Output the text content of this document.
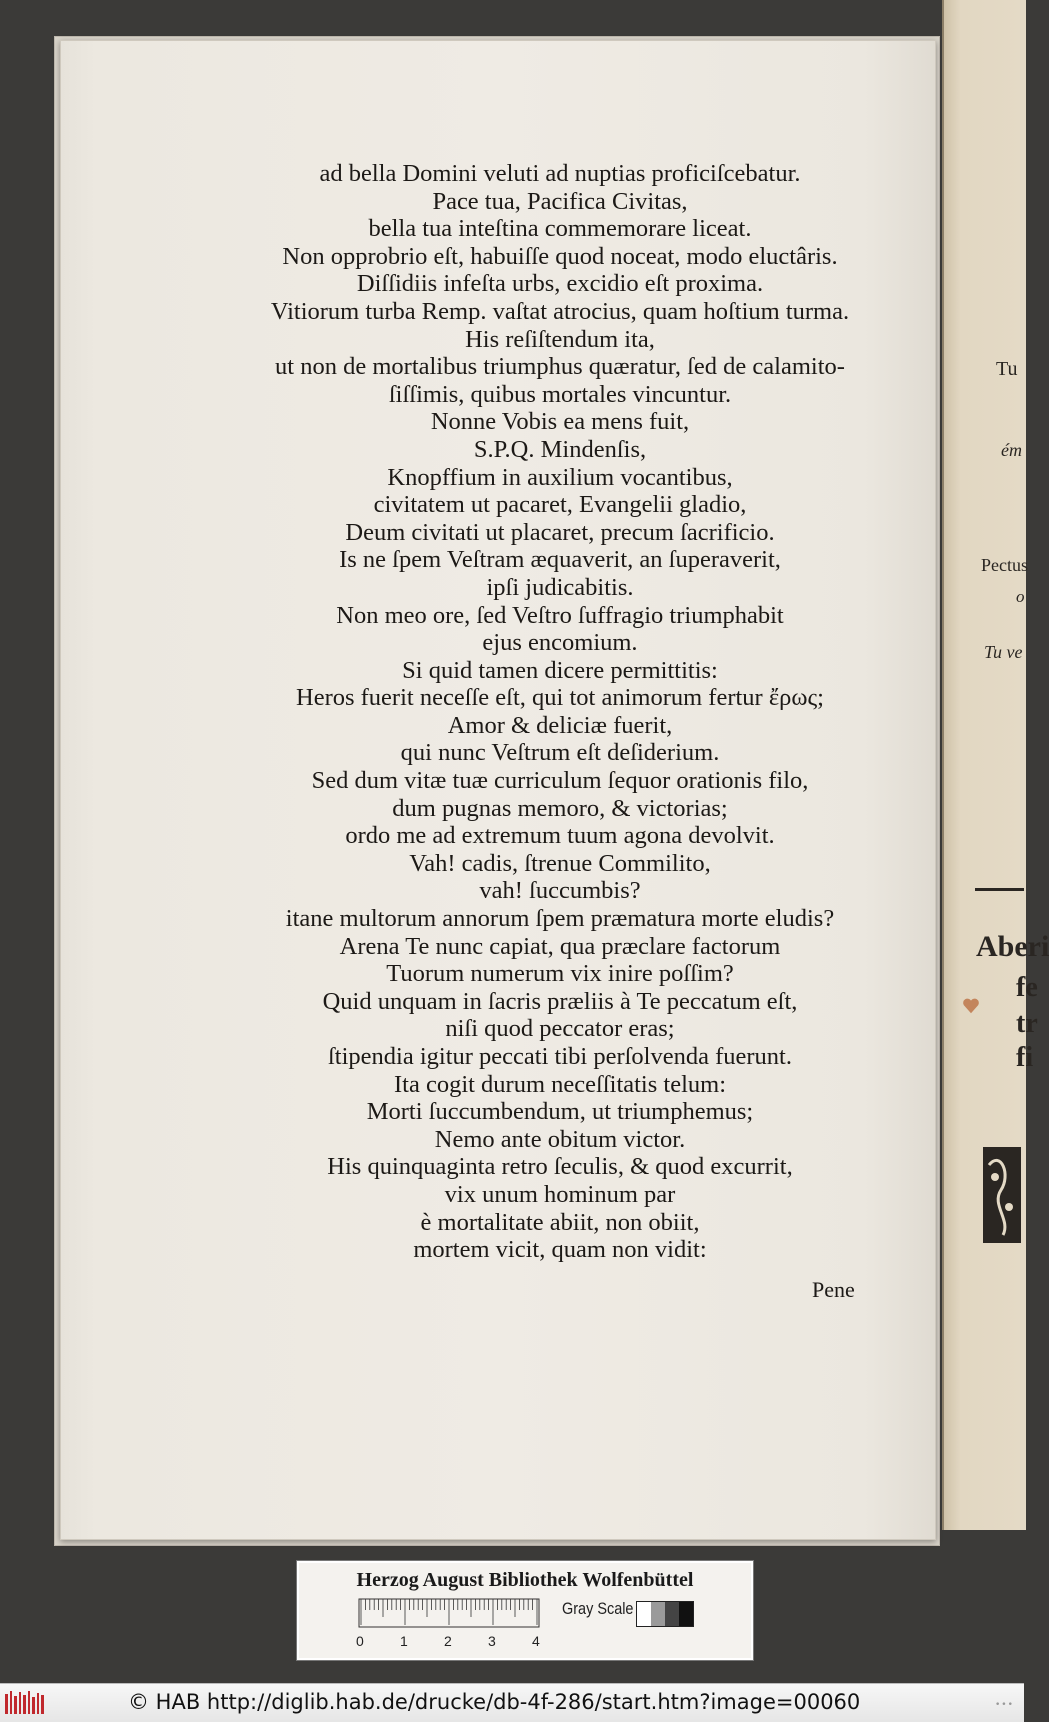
Tu
ém
Pectus
o
Tu ve
Aberi
fe
tr
fi
ad bella Domini veluti ad nuptias proficiſcebatur.
Pace tua, Pacifica Civitas,
bella tua inteſtina commemorare liceat.
Non opprobrio eſt, habuiſſe quod noceat, modo eluctâris.
Diſſidiis infeſta urbs, excidio eſt proxima.
Vitiorum turba Remp. vaſtat atrocius, quam hoſtium turma.
His reſiſtendum ita,
ut non de mortalibus triumphus quæratur, ſed de calamito-
ſiſſimis, quibus mortales vincuntur.
Nonne Vobis ea mens fuit,
S.P.Q. Mindenſis,
Knopffium in auxilium vocantibus,
civitatem ut pacaret, Evangelii gladio,
Deum civitati ut placaret, precum ſacrificio.
Is ne ſpem Veſtram æquaverit, an ſuperaverit,
ipſi judicabitis.
Non meo ore, ſed Veſtro ſuffragio triumphabit
ejus encomium.
Si quid tamen dicere permittitis:
Heros fuerit neceſſe eſt, qui tot animorum fertur ἔρως;
Amor & deliciæ fuerit,
qui nunc Veſtrum eſt deſiderium.
Sed dum vitæ tuæ curriculum ſequor orationis filo,
dum pugnas memoro, & victorias;
ordo me ad extremum tuum agona devolvit.
Vah! cadis, ſtrenue Commilito,
vah! ſuccumbis?
itane multorum annorum ſpem præmatura morte eludis?
Arena Te nunc capiat, qua præclare factorum
Tuorum numerum vix inire poſſim?
Quid unquam in ſacris præliis à Te peccatum eſt,
niſi quod peccator eras;
ſtipendia igitur peccati tibi perſolvenda fuerunt.
Ita cogit durum neceſſitatis telum:
Morti ſuccumbendum, ut triumphemus;
Nemo ante obitum victor.
His quinquaginta retro ſeculis, & quod excurrit,
vix unum hominum par
è mortalitate abiit, non obiit,
mortem vicit, quam non vidit:
Pene
Herzog August Bibliothek Wolfenbüttel
Gray Scale
0	1	2	3	4
© HAB http://diglib.hab.de/drucke/db-4f-286/start.htm?image=00060	•••
